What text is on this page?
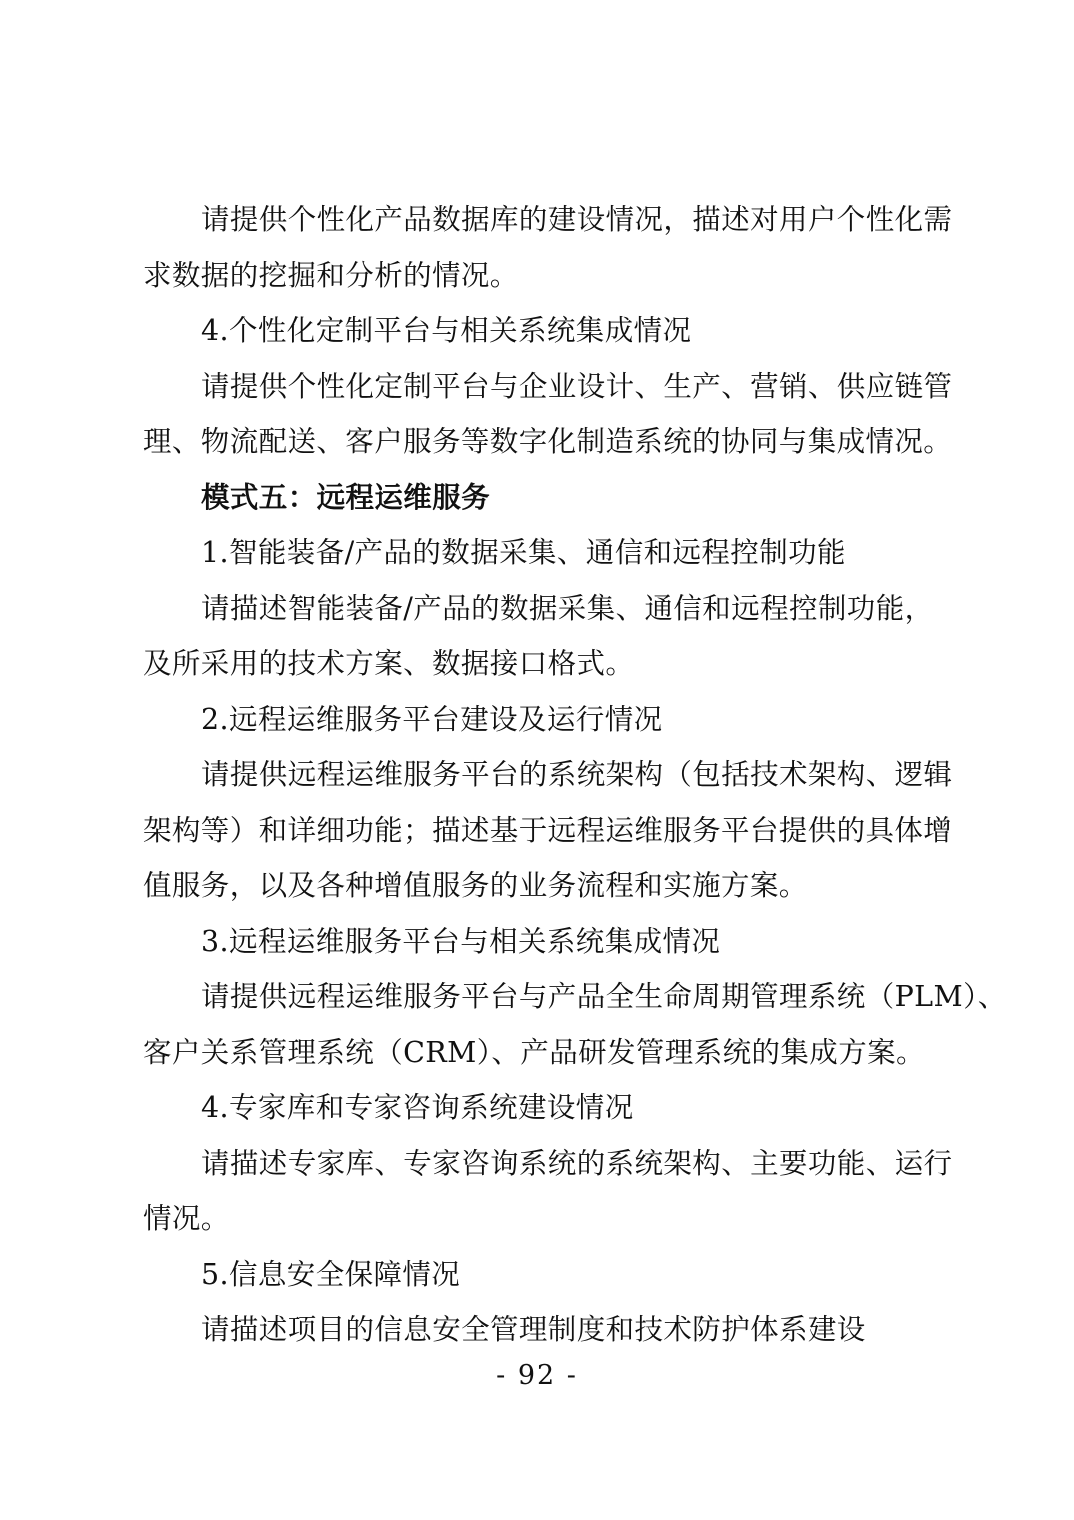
请提供个性化产品数据库的建设情况，描述对用户个性化需

求数据的挖掘和分析的情况。

4.个性化定制平台与相关系统集成情况

请提供个性化定制平台与企业设计、生产、营销、供应链管

理、物流配送、客户服务等数字化制造系统的协同与集成情况。

模式五：远程运维服务

1.智能装备/产品的数据采集、通信和远程控制功能

请描述智能装备/产品的数据采集、通信和远程控制功能，

及所采用的技术方案、数据接口格式。

2.远程运维服务平台建设及运行情况

请提供远程运维服务平台的系统架构（包括技术架构、逻辑

架构等）和详细功能；描述基于远程运维服务平台提供的具体增

值服务，以及各种增值服务的业务流程和实施方案。

3.远程运维服务平台与相关系统集成情况

请提供远程运维服务平台与产品全生命周期管理系统（PLM）、

客户关系管理系统（CRM）、产品研发管理系统的集成方案。

4.专家库和专家咨询系统建设情况

请描述专家库、专家咨询系统的系统架构、主要功能、运行

情况。

5.信息安全保障情况

请描述项目的信息安全管理制度和技术防护体系建设

- 92 -
